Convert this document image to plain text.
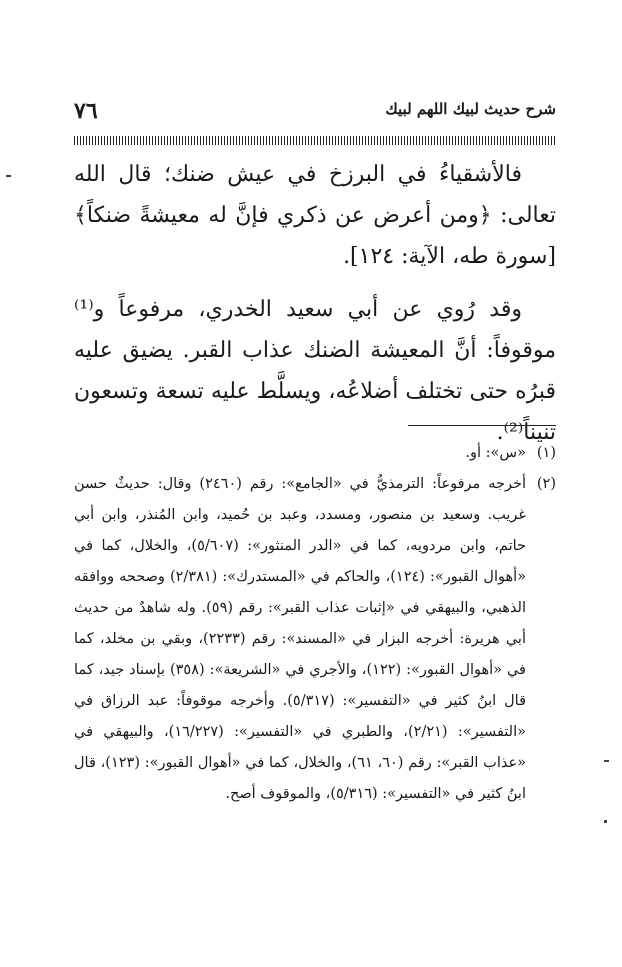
شرح حديث لبيك اللهم لبيك
٧٦

فالأشقياءُ في البرزخ في عيش ضنك؛ قال الله تعالى: ﴿ومن أعرض عن ذكري فإنَّ له معيشةً ضنكاً﴾ [سورة طه، الآية: ١٢٤].

وقد رُوي عن أبي سعيد الخدري، مرفوعاً و⁽¹⁾ موقوفاً: أنَّ المعيشة الضنك عذاب القبر. يضيق عليه قبرُه حتى تختلف أضلاعُه، ويسلَّط عليه تسعة وتسعون تنيناً⁽²⁾.

(١)
«س»: أو.
(٢)
أخرجه مرفوعاً: الترمذيُّ في «الجامع»: رقم (٢٤٦٠) وقال: حديثٌ حسن غريب. وسعيد بن منصور، ومسدد، وعبد بن حُميد، وابن المُنذر، وابن أبي حاتم، وابن مردويه، كما في «الدر المنثور»: (٥/٦٠٧)، والخلال، كما في «أهوال القبور»: (١٢٤)، والحاكم في «المستدرك»: (٢/٣٨١) وصححه ووافقه الذهبي، والبيهقي في «إثبات عذاب القبر»: رقم (٥٩). وله شاهدٌ من حديث أبي هريرة: أخرجه البزار في «المسند»: رقم (٢٢٣٣)، وبقي بن مخلد، كما في «أهوال القبور»: (١٢٢)، والأجري في «الشريعة»: (٣٥٨) بإسناد جيد، كما قال ابنُ كثير في «التفسير»: (٥/٣١٧). وأخرجه موقوفاً: عبد الرزاق في «التفسير»: (٢/٢١)، والطبري في «التفسير»: (١٦/٢٢٧)، والبيهقي في «عذاب القبر»: رقم (٦٠، ٦١)، والخلال، كما في «أهوال القبور»: (١٢٣)، قال ابنُ كثير في «التفسير»: (٥/٣١٦)، والموقوف أصح.
